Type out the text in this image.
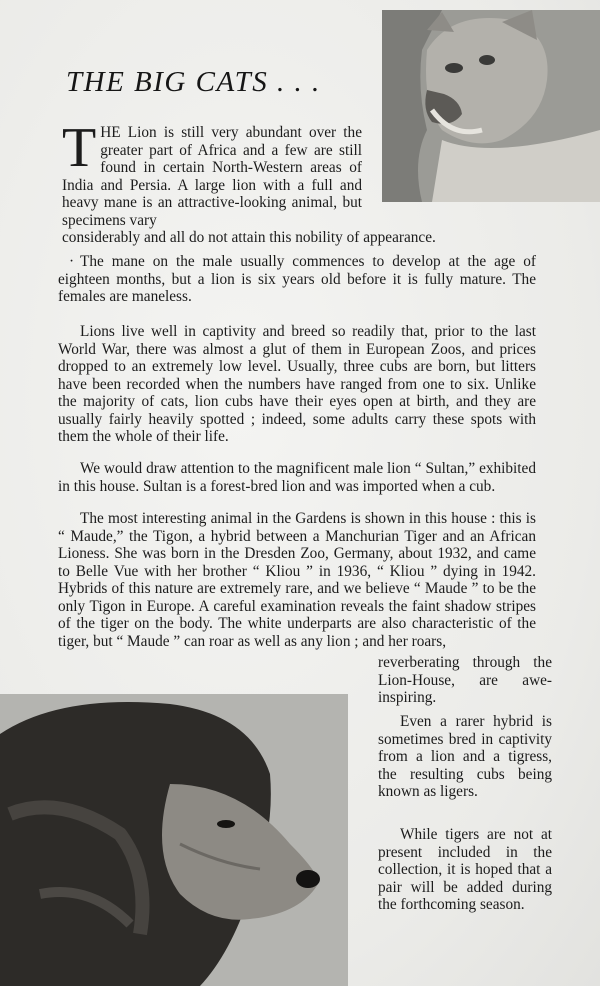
THE BIG CATS . . .

T HE Lion is still very abundant over the greater part of Africa and a few are still found in certain North-Western areas of India and Persia. A large lion with a full and heavy mane is an attractive-looking animal, but specimens vary
considerably and all do not attain this nobility of appearance.

· The mane on the male usually commences to develop at the age of eighteen months, but a lion is six years old before it is fully mature. The females are maneless.

Lions live well in captivity and breed so readily that, prior to the last World War, there was almost a glut of them in European Zoos, and prices dropped to an extremely low level. Usually, three cubs are born, but litters have been recorded when the numbers have ranged from one to six. Unlike the majority of cats, lion cubs have their eyes open at birth, and they are usually fairly heavily spotted ; indeed, some adults carry these spots with them the whole of their life.

We would draw attention to the magnificent male lion “ Sultan,” exhibited in this house. Sultan is a forest-bred lion and was imported when a cub.

The most interesting animal in the Gardens is shown in this house : this is “ Maude,” the Tigon, a hybrid between a Manchurian Tiger and an African Lioness. She was born in the Dresden Zoo, Germany, about 1932, and came to Belle Vue with her brother “ Kliou ” in 1936, “ Kliou ” dying in 1942. Hybrids of this nature are extremely rare, and we believe “ Maude ” to be the only Tigon in Europe. A careful examination reveals the faint shadow stripes of the tiger on the body. The white underparts are also characteristic of the tiger, but “ Maude ” can roar as well as any lion ; and her roars,

reverberating through the Lion-House, are awe-inspiring.

Even a rarer hybrid is sometimes bred in captivity from a lion and a tigress, the resulting cubs being known as ligers.

While tigers are not at present included in the collection, it is hoped that a pair will be added during the forthcoming season.
